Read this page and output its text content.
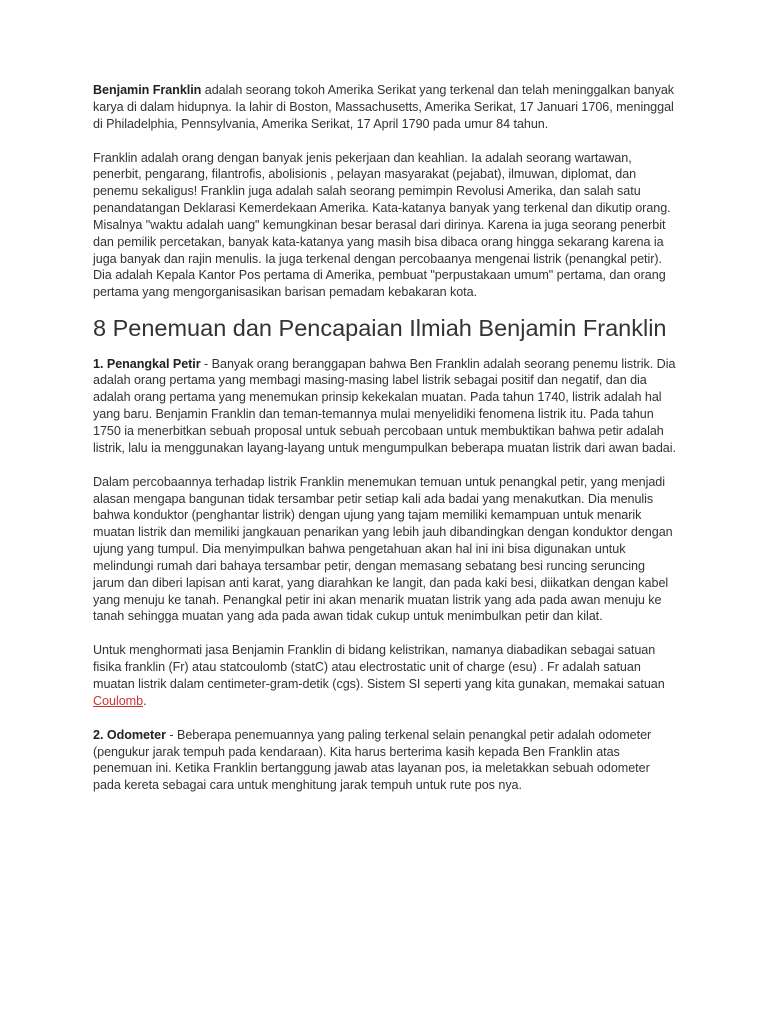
Benjamin Franklin adalah seorang tokoh Amerika Serikat yang terkenal dan telah meninggalkan banyak karya di dalam hidupnya. Ia lahir di Boston, Massachusetts, Amerika Serikat, 17 Januari 1706, meninggal di Philadelphia, Pennsylvania, Amerika Serikat, 17 April 1790 pada umur 84 tahun.

Franklin adalah orang dengan banyak jenis pekerjaan dan keahlian. Ia adalah seorang wartawan, penerbit, pengarang, filantrofis, abolisionis , pelayan masyarakat (pejabat), ilmuwan, diplomat, dan penemu sekaligus! Franklin juga adalah salah seorang pemimpin Revolusi Amerika, dan salah satu penandatangan Deklarasi Kemerdekaan Amerika. Kata-katanya banyak yang terkenal dan dikutip orang. Misalnya "waktu adalah uang" kemungkinan besar berasal dari dirinya. Karena ia juga seorang penerbit dan pemilik percetakan, banyak kata-katanya yang masih bisa dibaca orang hingga sekarang karena ia juga banyak dan rajin menulis. Ia juga terkenal dengan percobaanya mengenai listrik (penangkal petir). Dia adalah Kepala Kantor Pos pertama di Amerika, pembuat "perpustakaan umum" pertama, dan orang pertama yang mengorganisasikan barisan pemadam kebakaran kota.

8 Penemuan dan Pencapaian Ilmiah Benjamin Franklin

1. Penangkal Petir - Banyak orang beranggapan bahwa Ben Franklin adalah seorang penemu listrik. Dia adalah orang pertama yang membagi masing-masing label listrik sebagai positif dan negatif, dan dia adalah orang pertama yang menemukan prinsip kekekalan muatan. Pada tahun 1740, listrik adalah hal yang baru. Benjamin Franklin dan teman-temannya mulai menyelidiki fenomena listrik itu. Pada tahun 1750 ia menerbitkan sebuah proposal untuk sebuah percobaan untuk membuktikan bahwa petir adalah listrik, lalu ia menggunakan layang-layang untuk mengumpulkan beberapa muatan listrik dari awan badai.

Dalam percobaannya terhadap listrik Franklin menemukan temuan untuk penangkal petir, yang menjadi alasan mengapa bangunan tidak tersambar petir setiap kali ada badai yang menakutkan. Dia menulis bahwa konduktor (penghantar listrik) dengan ujung yang tajam memiliki kemampuan untuk menarik muatan listrik dan memiliki jangkauan penarikan yang lebih jauh dibandingkan dengan konduktor dengan ujung yang tumpul. Dia menyimpulkan bahwa pengetahuan akan hal ini ini bisa digunakan untuk melindungi rumah dari bahaya tersambar petir, dengan memasang sebatang besi runcing seruncing jarum dan diberi lapisan anti karat, yang diarahkan ke langit, dan pada kaki besi, diikatkan dengan kabel yang menuju ke tanah. Penangkal petir ini akan menarik muatan listrik yang ada pada awan menuju ke tanah sehingga muatan yang ada pada awan tidak cukup untuk menimbulkan petir dan kilat.

Untuk menghormati jasa Benjamin Franklin di bidang kelistrikan, namanya diabadikan sebagai satuan fisika franklin (Fr) atau statcoulomb (statC) atau electrostatic unit of charge (esu) . Fr adalah satuan muatan listrik dalam centimeter-gram-detik (cgs). Sistem SI seperti yang kita gunakan, memakai satuan Coulomb.

2. Odometer - Beberapa penemuannya yang paling terkenal selain penangkal petir adalah odometer (pengukur jarak tempuh pada kendaraan). Kita harus berterima kasih kepada Ben Franklin atas penemuan ini. Ketika Franklin bertanggung jawab atas layanan pos, ia meletakkan sebuah odometer pada kereta sebagai cara untuk menghitung jarak tempuh untuk rute pos nya.
